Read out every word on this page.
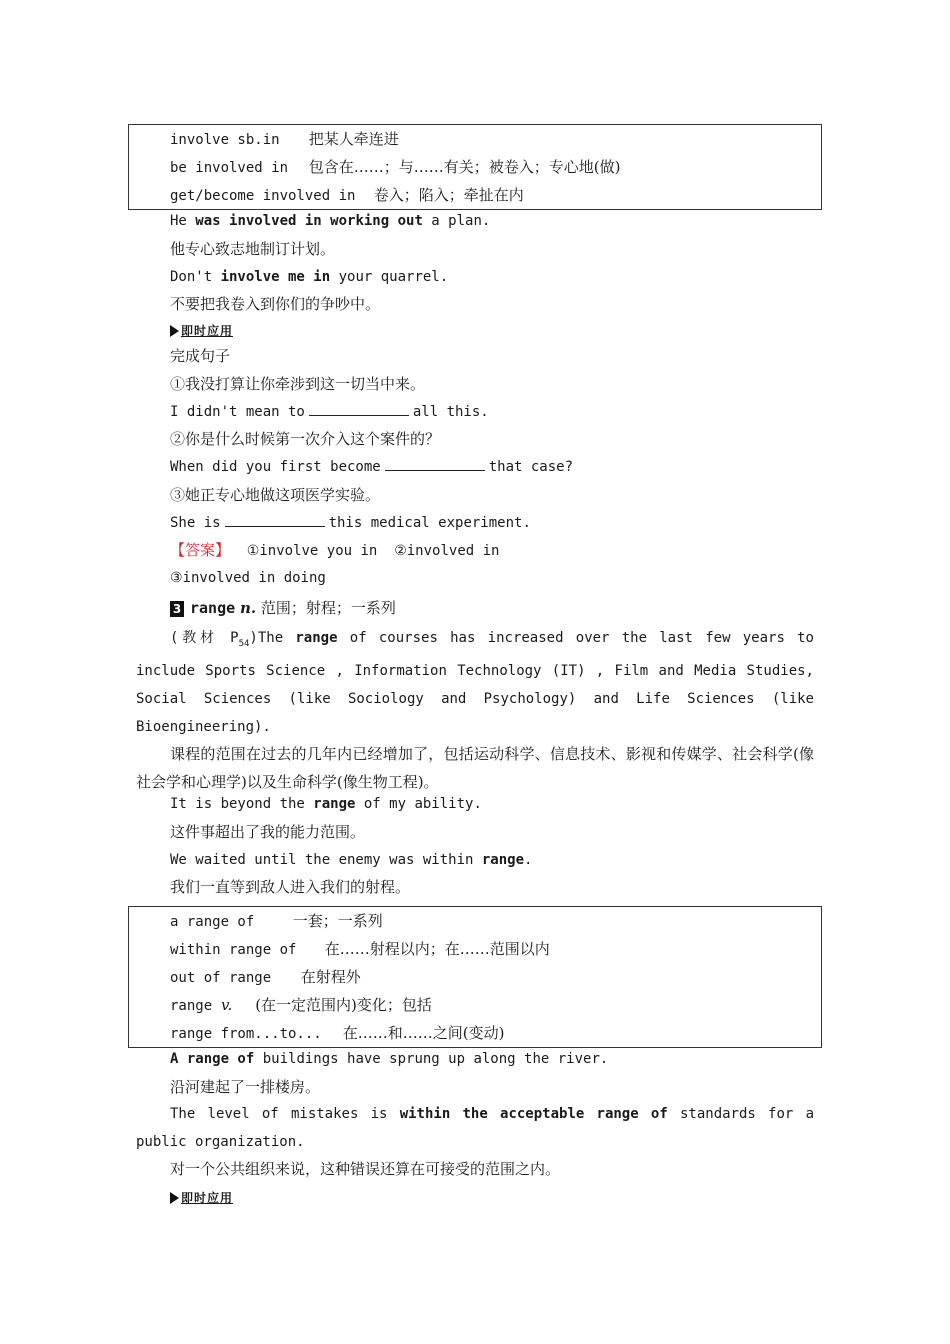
involve sb.in 把某人牵连进
be involved in 包含在……；与……有关；被卷入；专心地(做)
get/become involved in 卷入；陷入；牵扯在内
He was involved in working out a plan.
他专心致志地制订计划。
Don't involve me in your quarrel.
不要把我卷入到你们的争吵中。
即时应用
完成句子
①我没打算让你牵涉到这一切当中来。
I didn't mean to	all this.
②你是什么时候第一次介入这个案件的？
When did you first become	that case?
③她正专心地做这项医学实验。
She is	this medical experiment.
【答案】 ①involve you in  ②involved in
③involved in doing
3 range n. 范围；射程；一系列
(教材 $P_{54})The$ range of courses has increased over the last few years to include Sports Science , Information Technology (IT) , Film and Media Studies, Social Sciences (like Sociology and Psychology) and Life Sciences (like Bioengineering).
课程的范围在过去的几年内已经增加了，包括运动科学、信息技术、影视和传媒学、社会科学(像社会学和心理学)以及生命科学(像生物工程)。
It is beyond the range of my ability.
这件事超出了我的能力范围。
We waited until the enemy was within range.
我们一直等到敌人进入我们的射程。
a range of	一套；一系列
within range of 在……射程以内；在……范围以内
out of range 在射程外
range v. (在一定范围内)变化；包括
range from...to... 在……和……之间(变动)
A range of buildings have sprung up along the river.
沿河建起了一排楼房。
The level of mistakes is within the acceptable range of standards for a public organization.
对一个公共组织来说，这种错误还算在可接受的范围之内。
即时应用
